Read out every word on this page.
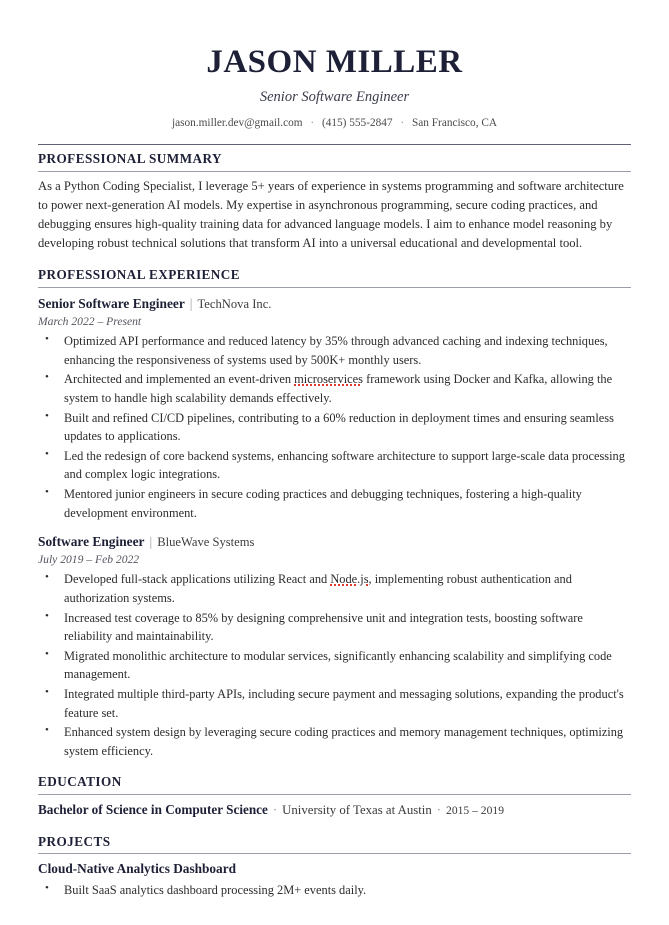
JASON MILLER
Senior Software Engineer
jason.miller.dev@gmail.com · (415) 555-2847 · San Francisco, CA
PROFESSIONAL SUMMARY
As a Python Coding Specialist, I leverage 5+ years of experience in systems programming and software architecture to power next-generation AI models. My expertise in asynchronous programming, secure coding practices, and debugging ensures high-quality training data for advanced language models. I aim to enhance model reasoning by developing robust technical solutions that transform AI into a universal educational and developmental tool.
PROFESSIONAL EXPERIENCE
Senior Software Engineer | TechNova Inc.
March 2022 – Present
• Optimized API performance and reduced latency by 35% through advanced caching and indexing techniques, enhancing the responsiveness of systems used by 500K+ monthly users.
• Architected and implemented an event-driven microservices framework using Docker and Kafka, allowing the system to handle high scalability demands effectively.
• Built and refined CI/CD pipelines, contributing to a 60% reduction in deployment times and ensuring seamless updates to applications.
• Led the redesign of core backend systems, enhancing software architecture to support large-scale data processing and complex logic integrations.
• Mentored junior engineers in secure coding practices and debugging techniques, fostering a high-quality development environment.
Software Engineer | BlueWave Systems
July 2019 – Feb 2022
• Developed full-stack applications utilizing React and Node.js, implementing robust authentication and authorization systems.
• Increased test coverage to 85% by designing comprehensive unit and integration tests, boosting software reliability and maintainability.
• Migrated monolithic architecture to modular services, significantly enhancing scalability and simplifying code management.
• Integrated multiple third-party APIs, including secure payment and messaging solutions, expanding the product's feature set.
• Enhanced system design by leveraging secure coding practices and memory management techniques, optimizing system efficiency.
EDUCATION
Bachelor of Science in Computer Science · University of Texas at Austin · 2015 – 2019
PROJECTS
Cloud-Native Analytics Dashboard
• Built SaaS analytics dashboard processing 2M+ events daily.
